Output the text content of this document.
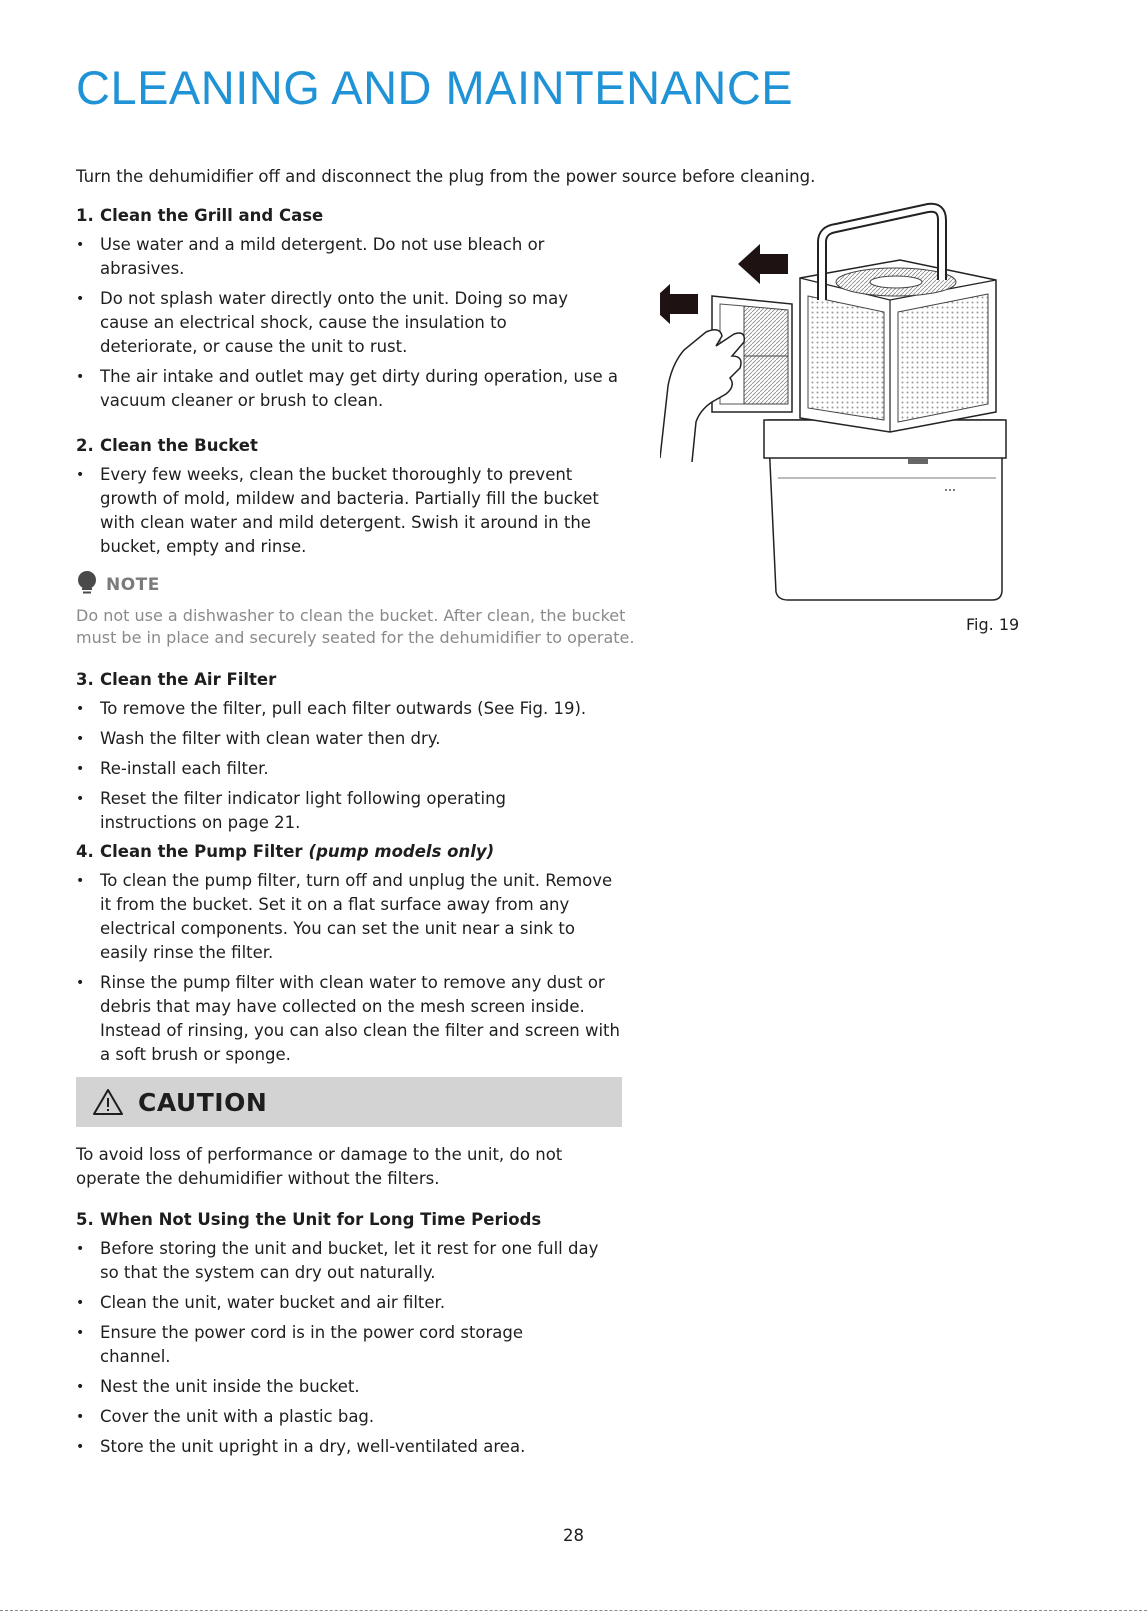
CLEANING AND MAINTENANCE

Turn the dehumidifier off and disconnect the plug from the power source before cleaning.

1. Clean the Grill and Case
• Use water and a mild detergent. Do not use bleach or abrasives.
• Do not splash water directly onto the unit. Doing so may cause an electrical shock, cause the insulation to deteriorate, or cause the unit to rust.
• The air intake and outlet may get dirty during operation, use a vacuum cleaner or brush to clean.
2. Clean the Bucket
• Every few weeks, clean the bucket thoroughly to prevent growth of mold, mildew and bacteria. Partially fill the bucket with clean water and mild detergent. Swish it around in the bucket, empty and rinse.
NOTE

Do not use a dishwasher to clean the bucket. After clean, the bucket must be in place and securely seated for the dehumidifier to operate.

3. Clean the Air Filter
• To remove the filter, pull each filter outwards (See Fig. 19).
• Wash the filter with clean water then dry.
• Re-install each filter.
• Reset the filter indicator light following operating instructions on page 21.
4. Clean the Pump Filter (pump models only)
• To clean the pump filter, turn off and unplug the unit. Remove it from the bucket. Set it on a flat surface away from any electrical components. You can set the unit near a sink to easily rinse the filter.
• Rinse the pump filter with clean water to remove any dust or debris that may have collected on the mesh screen inside. Instead of rinsing, you can also clean the filter and screen with a soft brush or sponge.
CAUTION

To avoid loss of performance or damage to the unit, do not operate the dehumidifier without the filters.

5. When Not Using the Unit for Long Time Periods
• Before storing the unit and bucket, let it rest for one full day so that the system can dry out naturally.
• Clean the unit, water bucket and air filter.
• Ensure the power cord is in the power cord storage channel.
• Nest the unit inside the bucket.
• Cover the unit with a plastic bag.
• Store the unit upright in a dry, well-ventilated area.
Fig. 19
28
